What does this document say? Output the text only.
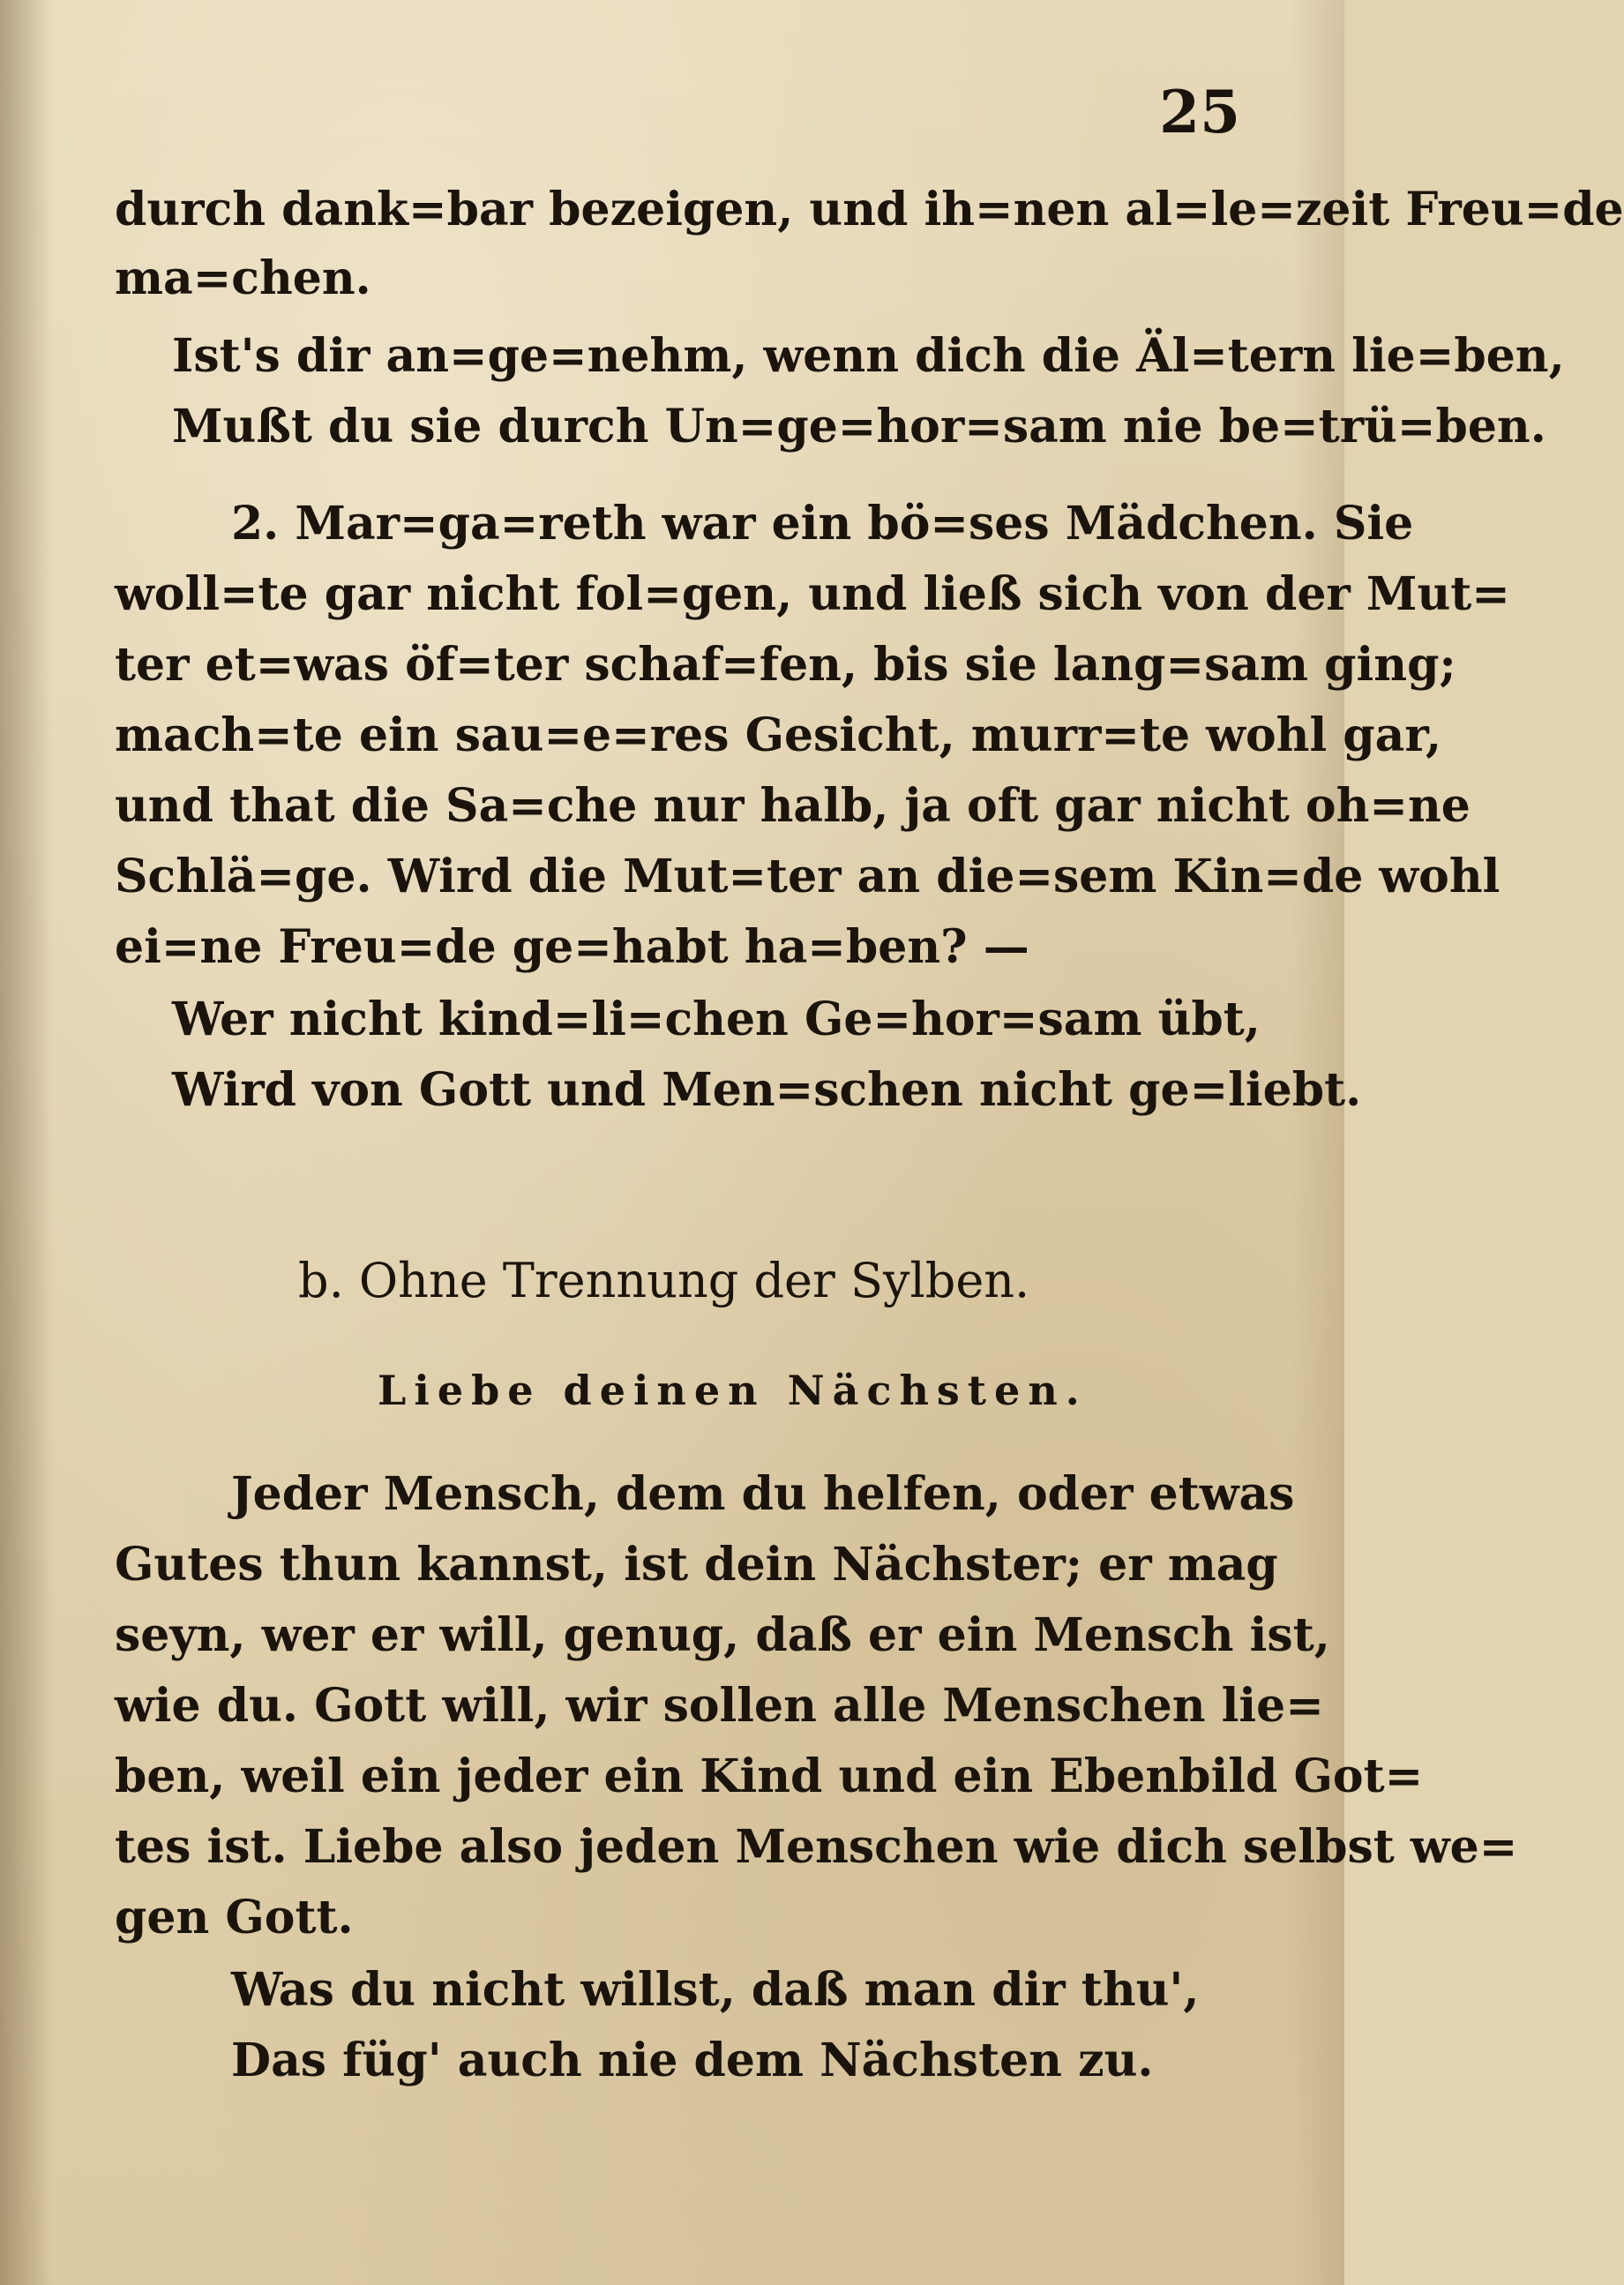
25
durch dank=bar bezeigen, und ih=nen al=le=zeit Freu=de
ma=chen.
Ist's dir an=ge=nehm, wenn dich die Äl=tern lie=ben,
Mußt du sie durch Un=ge=hor=sam nie be=trü=ben.
2. Mar=ga=reth war ein bö=ses Mädchen. Sie
woll=te gar nicht fol=gen, und ließ sich von der Mut=
ter et=was öf=ter schaf=fen, bis sie lang=sam ging;
mach=te ein sau=e=res Gesicht, murr=te wohl gar,
und that die Sa=che nur halb, ja oft gar nicht oh=ne
Schlä=ge. Wird die Mut=ter an die=sem Kin=de wohl
ei=ne Freu=de ge=habt ha=ben? —
Wer nicht kind=li=chen Ge=hor=sam übt,
Wird von Gott und Men=schen nicht ge=liebt.
b. Ohne Trennung der Sylben.
Liebe deinen Nächsten.
Jeder Mensch, dem du helfen, oder etwas
Gutes thun kannst, ist dein Nächster; er mag
seyn, wer er will, genug, daß er ein Mensch ist,
wie du. Gott will, wir sollen alle Menschen lie=
ben, weil ein jeder ein Kind und ein Ebenbild Got=
tes ist. Liebe also jeden Menschen wie dich selbst we=
gen Gott.
Was du nicht willst, daß man dir thu',
Das füg' auch nie dem Nächsten zu.
